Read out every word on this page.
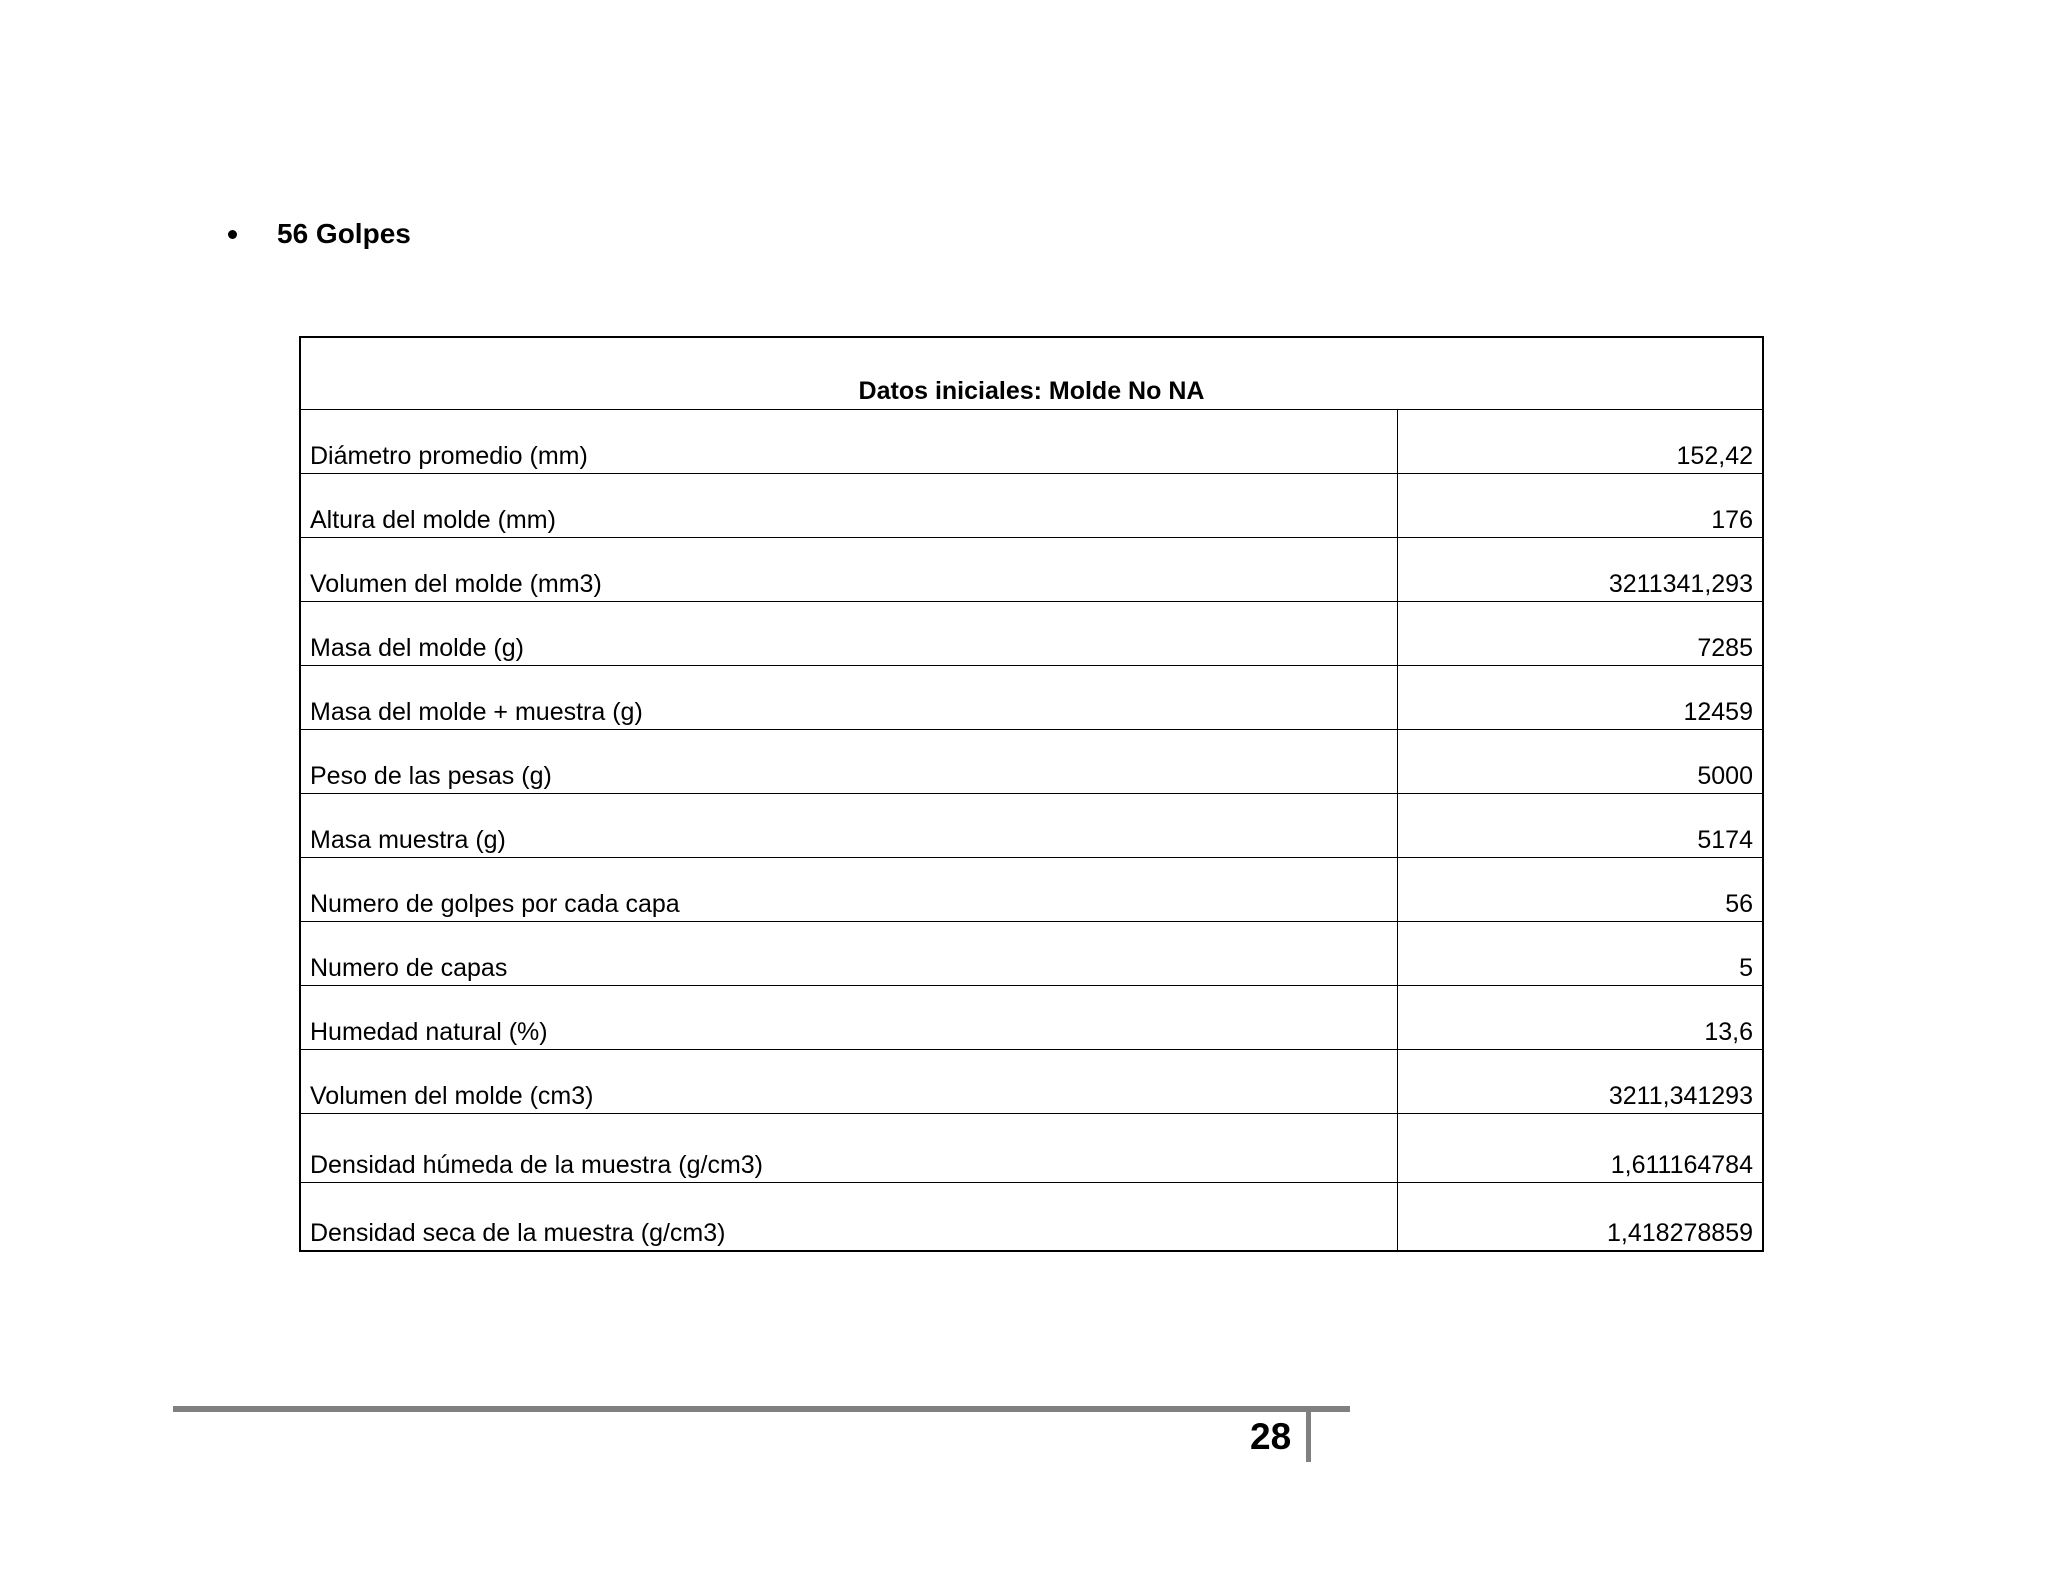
56 Golpes
Datos iniciales: Molde No NA	
Diámetro promedio (mm)	152,42
Altura del molde (mm)	176
Volumen del molde (mm3)	3211341,293
Masa del molde (g)	7285
Masa del molde + muestra (g)	12459
Peso de las pesas (g)	5000
Masa muestra (g)	5174
Numero de golpes por cada capa	56
Numero de capas	5
Humedad natural (%)	13,6
Volumen del molde (cm3)	3211,341293
Densidad húmeda de la muestra (g/cm3)	1,611164784
Densidad seca de la muestra (g/cm3)	1,418278859
28
